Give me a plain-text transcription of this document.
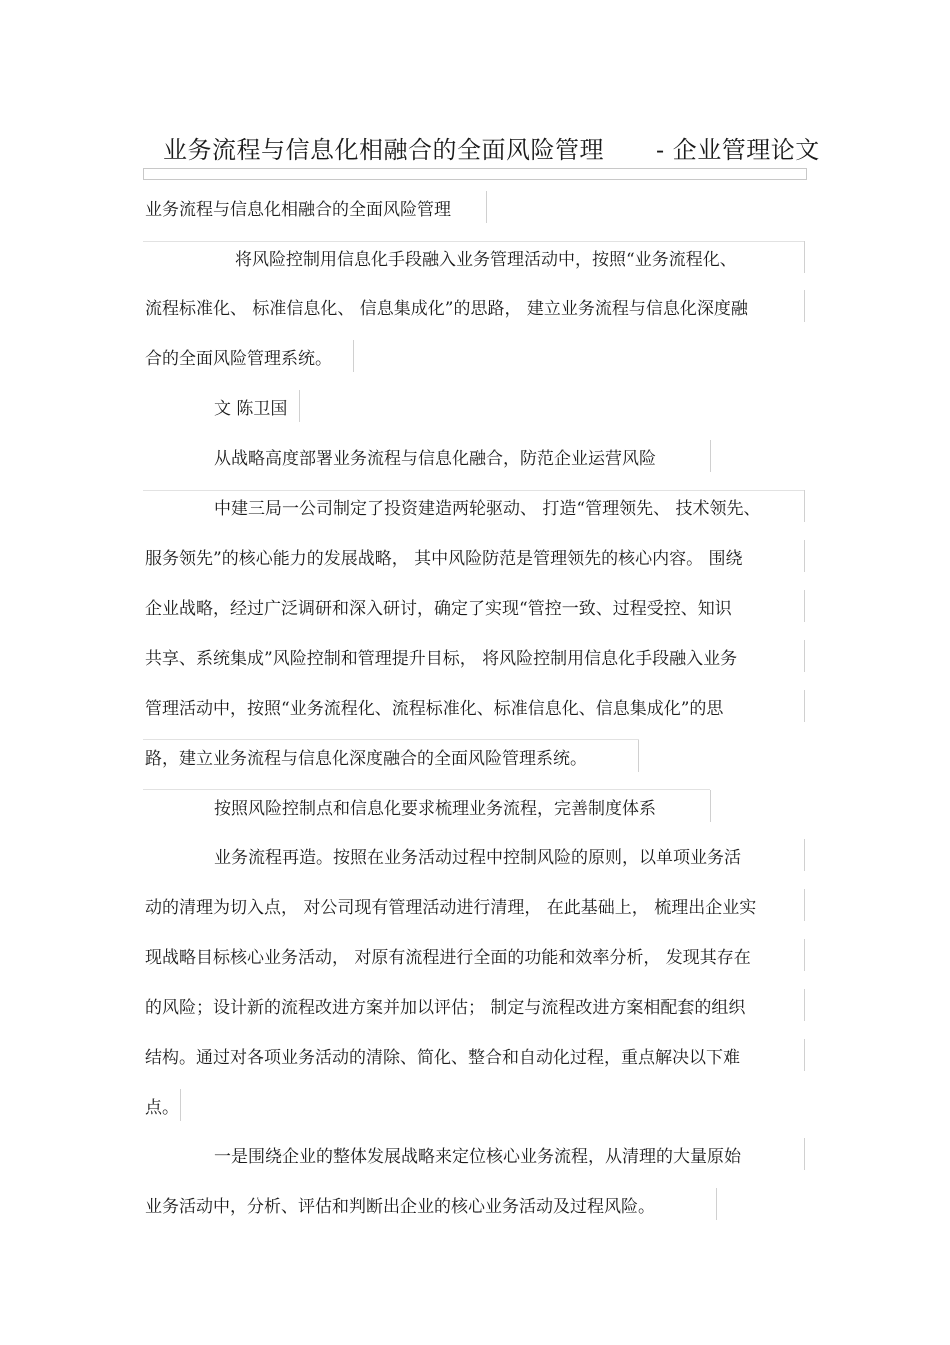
业务流程与信息化相融合的全面风险管理 - 企业管理论文
业务流程与信息化相融合的全面风险管理
将风险控制用信息化手段融入业务管理活动中，按照“业务流程化、
流程标准化、 标准信息化、 信息集成化”的思路， 建立业务流程与信息化深度融
合的全面风险管理系统。
文 陈卫国
从战略高度部署业务流程与信息化融合，防范企业运营风险
中建三局一公司制定了投资建造两轮驱动、 打造“管理领先、 技术领先、
服务领先”的核心能力的发展战略， 其中风险防范是管理领先的核心内容。 围绕
企业战略，经过广泛调研和深入研讨，确定了实现“管控一致、过程受控、知识
共享、系统集成”风险控制和管理提升目标， 将风险控制用信息化手段融入业务
管理活动中，按照“业务流程化、流程标准化、标准信息化、信息集成化”的思
路，建立业务流程与信息化深度融合的全面风险管理系统。
按照风险控制点和信息化要求梳理业务流程，完善制度体系
业务流程再造。按照在业务活动过程中控制风险的原则，以单项业务活
动的清理为切入点， 对公司现有管理活动进行清理， 在此基础上， 梳理出企业实
现战略目标核心业务活动， 对原有流程进行全面的功能和效率分析， 发现其存在
的风险；设计新的流程改进方案并加以评估； 制定与流程改进方案相配套的组织
结构。通过对各项业务活动的清除、简化、整合和自动化过程，重点解决以下难
点。
一是围绕企业的整体发展战略来定位核心业务流程，从清理的大量原始
业务活动中，分析、评估和判断出企业的核心业务活动及过程风险。
